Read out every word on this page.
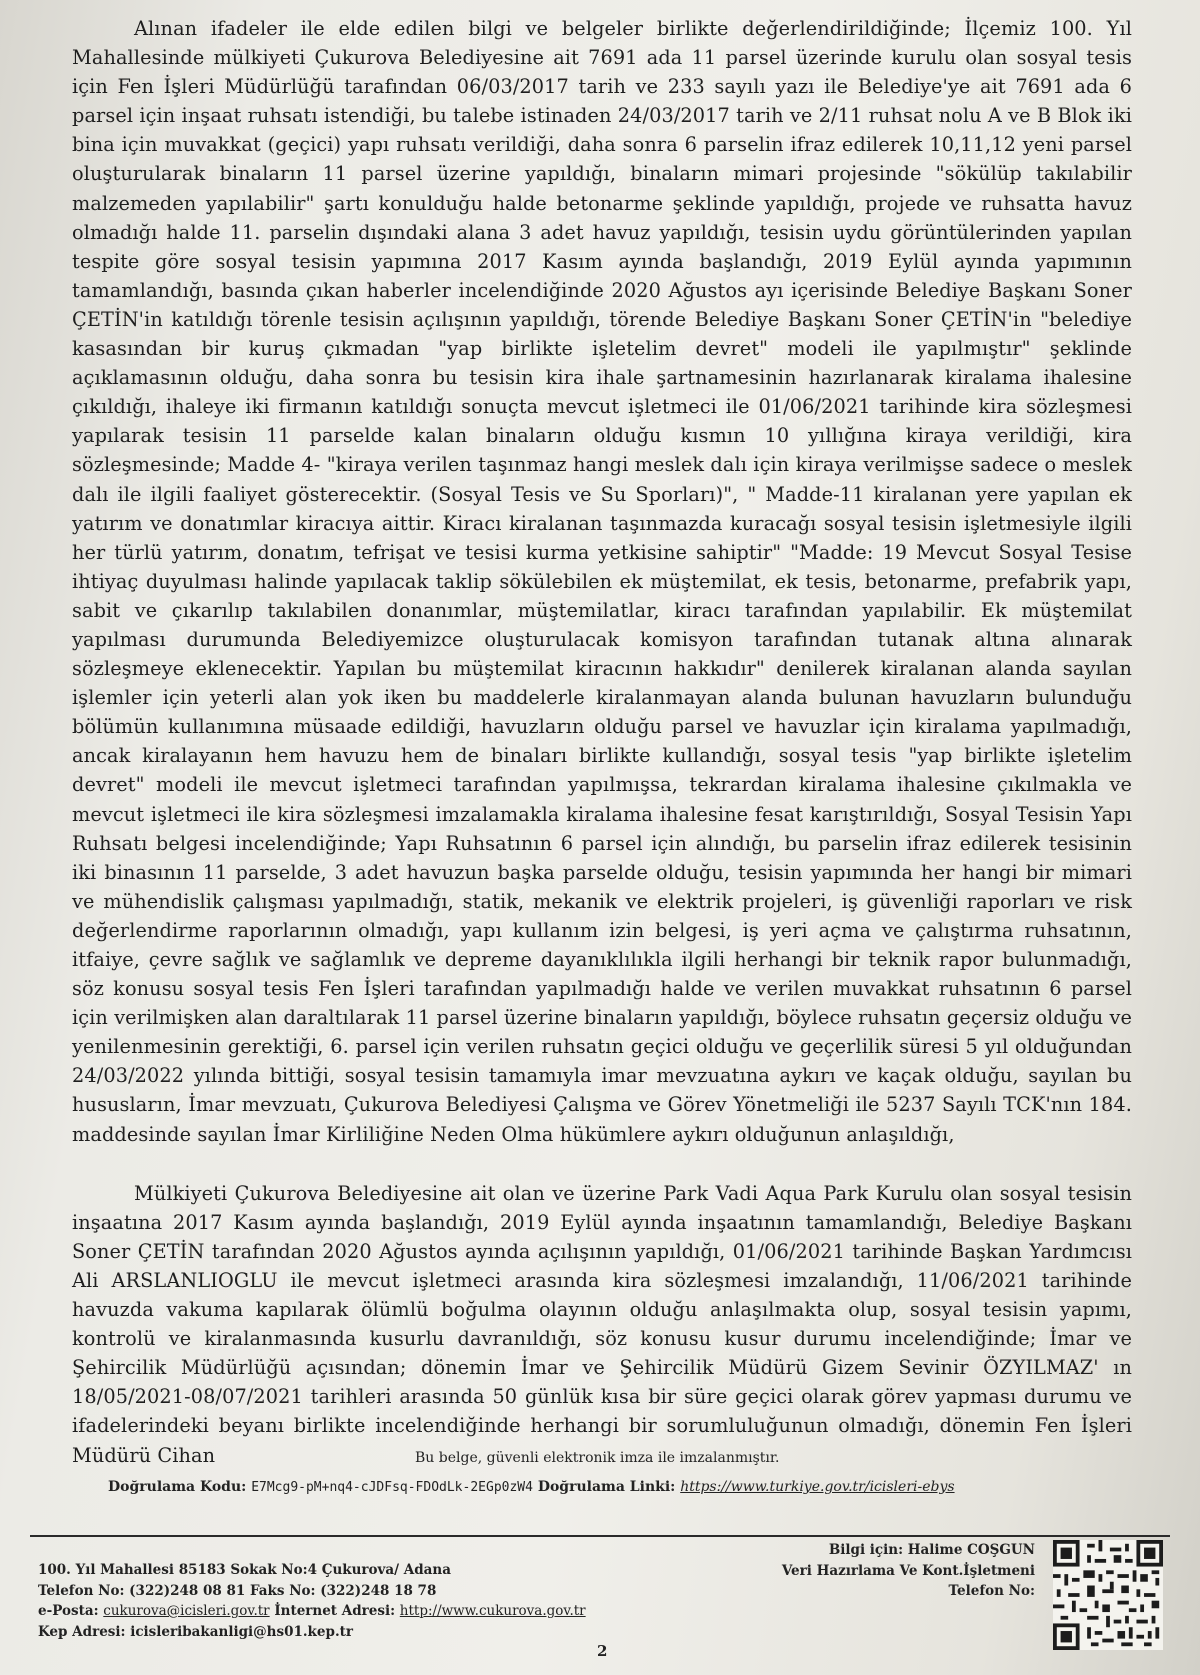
Alınan ifadeler ile elde edilen bilgi ve belgeler birlikte değerlendirildiğinde; İlçemiz 100. Yıl Mahallesinde mülkiyeti Çukurova Belediyesine ait 7691 ada 11 parsel üzerinde kurulu olan sosyal tesis için Fen İşleri Müdürlüğü tarafından 06/03/2017 tarih ve 233 sayılı yazı ile Belediye'ye ait 7691 ada 6 parsel için inşaat ruhsatı istendiği, bu talebe istinaden 24/03/2017 tarih ve 2/11 ruhsat nolu A ve B Blok iki bina için muvakkat (geçici) yapı ruhsatı verildiği, daha sonra 6 parselin ifraz edilerek 10,11,12 yeni parsel oluşturularak binaların 11 parsel üzerine yapıldığı, binaların mimari projesinde "sökülüp takılabilir malzemeden yapılabilir" şartı konulduğu halde betonarme şeklinde yapıldığı, projede ve ruhsatta havuz olmadığı halde 11. parselin dışındaki alana 3 adet havuz yapıldığı, tesisin uydu görüntülerinden yapılan tespite göre sosyal tesisin yapımına 2017 Kasım ayında başlandığı, 2019 Eylül ayında yapımının tamamlandığı, basında çıkan haberler incelendiğinde 2020 Ağustos ayı içerisinde Belediye Başkanı Soner ÇETİN'in katıldığı törenle tesisin açılışının yapıldığı, törende Belediye Başkanı Soner ÇETİN'in "belediye kasasından bir kuruş çıkmadan "yap birlikte işletelim devret" modeli ile yapılmıştır" şeklinde açıklamasının olduğu, daha sonra bu tesisin kira ihale şartnamesinin hazırlanarak kiralama ihalesine çıkıldığı, ihaleye iki firmanın katıldığı sonuçta mevcut işletmeci ile 01/06/2021 tarihinde kira sözleşmesi yapılarak tesisin 11 parselde kalan binaların olduğu kısmın 10 yıllığına kiraya verildiği, kira sözleşmesinde; Madde 4- "kiraya verilen taşınmaz hangi meslek dalı için kiraya verilmişse sadece o meslek dalı ile ilgili faaliyet gösterecektir. (Sosyal Tesis ve Su Sporları)", " Madde-11 kiralanan yere yapılan ek yatırım ve donatımlar kiracıya aittir. Kiracı kiralanan taşınmazda kuracağı sosyal tesisin işletmesiyle ilgili her türlü yatırım, donatım, tefrişat ve tesisi kurma yetkisine sahiptir" "Madde: 19 Mevcut Sosyal Tesise ihtiyaç duyulması halinde yapılacak taklip sökülebilen ek müştemilat, ek tesis, betonarme, prefabrik yapı, sabit ve çıkarılıp takılabilen donanımlar, müştemilatlar, kiracı tarafından yapılabilir. Ek müştemilat yapılması durumunda Belediyemizce oluşturulacak komisyon tarafından tutanak altına alınarak sözleşmeye eklenecektir. Yapılan bu müştemilat kiracının hakkıdır" denilerek kiralanan alanda sayılan işlemler için yeterli alan yok iken bu maddelerle kiralanmayan alanda bulunan havuzların bulunduğu bölümün kullanımına müsaade edildiği, havuzların olduğu parsel ve havuzlar için kiralama yapılmadığı, ancak kiralayanın hem havuzu hem de binaları birlikte kullandığı, sosyal tesis "yap birlikte işletelim devret" modeli ile mevcut işletmeci tarafından yapılmışsa, tekrardan kiralama ihalesine çıkılmakla ve mevcut işletmeci ile kira sözleşmesi imzalamakla kiralama ihalesine fesat karıştırıldığı, Sosyal Tesisin Yapı Ruhsatı belgesi incelendiğinde; Yapı Ruhsatının 6 parsel için alındığı, bu parselin ifraz edilerek tesisinin iki binasının 11 parselde, 3 adet havuzun başka parselde olduğu, tesisin yapımında her hangi bir mimari ve mühendislik çalışması yapılmadığı, statik, mekanik ve elektrik projeleri, iş güvenliği raporları ve risk değerlendirme raporlarının olmadığı, yapı kullanım izin belgesi, iş yeri açma ve çalıştırma ruhsatının, itfaiye, çevre sağlık ve sağlamlık ve depreme dayanıklılıkla ilgili herhangi bir teknik rapor bulunmadığı, söz konusu sosyal tesis Fen İşleri tarafından yapılmadığı halde ve verilen muvakkat ruhsatının 6 parsel için verilmişken alan daraltılarak 11 parsel üzerine binaların yapıldığı, böylece ruhsatın geçersiz olduğu ve yenilenmesinin gerektiği, 6. parsel için verilen ruhsatın geçici olduğu ve geçerlilik süresi 5 yıl olduğundan 24/03/2022 yılında bittiği, sosyal tesisin tamamıyla imar mevzuatına aykırı ve kaçak olduğu, sayılan bu hususların, İmar mevzuatı, Çukurova Belediyesi Çalışma ve Görev Yönetmeliği ile 5237 Sayılı TCK'nın 184. maddesinde sayılan İmar Kirliliğine Neden Olma hükümlere aykırı olduğunun anlaşıldığı,

Mülkiyeti Çukurova Belediyesine ait olan ve üzerine Park Vadi Aqua Park Kurulu olan sosyal tesisin inşaatına 2017 Kasım ayında başlandığı, 2019 Eylül ayında inşaatının tamamlandığı, Belediye Başkanı Soner ÇETİN tarafından 2020 Ağustos ayında açılışının yapıldığı, 01/06/2021 tarihinde Başkan Yardımcısı Ali ARSLANLIOGLU ile mevcut işletmeci arasında kira sözleşmesi imzalandığı, 11/06/2021 tarihinde havuzda vakuma kapılarak ölümlü boğulma olayının olduğu anlaşılmakta olup, sosyal tesisin yapımı, kontrolü ve kiralanmasında kusurlu davranıldığı, söz konusu kusur durumu incelendiğinde; İmar ve Şehircilik Müdürlüğü açısından; dönemin İmar ve Şehircilik Müdürü Gizem Sevinir ÖZYILMAZ' ın 18/05/2021-08/07/2021 tarihleri arasında 50 günlük kısa bir süre geçici olarak görev yapması durumu ve ifadelerindeki beyanı birlikte incelendiğinde herhangi bir sorumluluğunun olmadığı, dönemin Fen İşleri Müdürü Cihan	Bu belge, güvenli elektronik imza ile imzalanmıştır.
Doğrulama Kodu: E7Mcg9-pM+nq4-cJDFsq-FDOdLk-2EGp0zW4 Doğrulama Linki: https://www.turkiye.gov.tr/icisleri-ebys
100. Yıl Mahallesi 85183 Sokak No:4 Çukurova/ Adana
Telefon No: (322)248 08 81 Faks No: (322)248 18 78
e-Posta: cukurova@icisleri.gov.tr İnternet Adresi: http://www.cukurova.gov.tr
Kep Adresi: icisleribakanligi@hs01.kep.tr
2
Bilgi için: Halime COŞGUN
Veri Hazırlama Ve Kont.İşletmeni
Telefon No:
